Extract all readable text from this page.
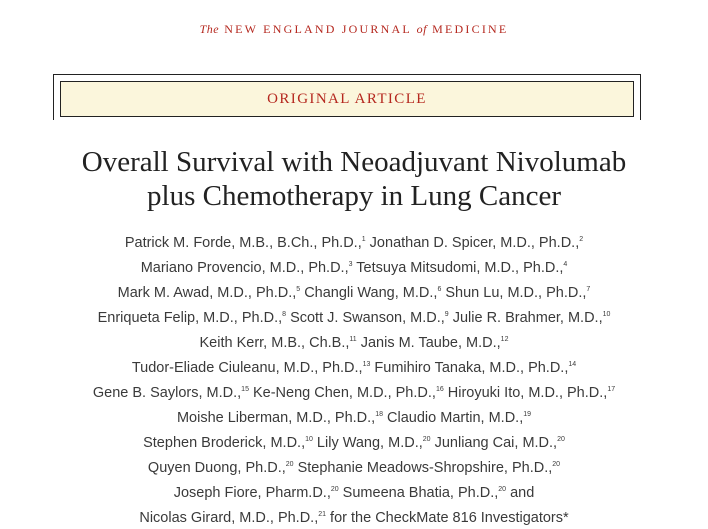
The NEW ENGLAND JOURNAL of MEDICINE
ORIGINAL ARTICLE
Overall Survival with Neoadjuvant Nivolumab
plus Chemotherapy in Lung Cancer
Patrick M. Forde, M.B., B.Ch., Ph.D.,$^1$ Jonathan D. Spicer, M.D., Ph.D.,$^2$
Mariano Provencio, M.D., Ph.D.,$^3$ Tetsuya Mitsudomi, M.D., Ph.D.,$^4$
Mark M. Awad, M.D., Ph.D.,$^5$ Changli Wang, M.D.,$^6$ Shun Lu, M.D., Ph.D.,$^7$
Enriqueta Felip, M.D., Ph.D.,$^8$ Scott J. Swanson, M.D.,$^9$ Julie R. Brahmer, M.D.,$^{10}$
Keith Kerr, M.B., Ch.B.,$^{11}$ Janis M. Taube, M.D.,$^{12}$
Tudor-Eliade Ciuleanu, M.D., Ph.D.,$^{13}$ Fumihiro Tanaka, M.D., Ph.D.,$^{14}$
Gene B. Saylors, M.D.,$^{15}$ Ke-Neng Chen, M.D., Ph.D.,$^{16}$ Hiroyuki Ito, M.D., Ph.D.,$^{17}$
Moishe Liberman, M.D., Ph.D.,$^{18}$ Claudio Martin, M.D.,$^{19}$
Stephen Broderick, M.D.,$^{10}$ Lily Wang, M.D.,$^{20}$ Junliang Cai, M.D.,$^{20}$
Quyen Duong, Ph.D.,$^{20}$ Stephanie Meadows-Shropshire, Ph.D.,$^{20}$
Joseph Fiore, Pharm.D.,$^{20}$ Sumeena Bhatia, Ph.D.,$^{20}$ and
Nicolas Girard, M.D., Ph.D.,$^{21}$ for the CheckMate 816 Investigators*
